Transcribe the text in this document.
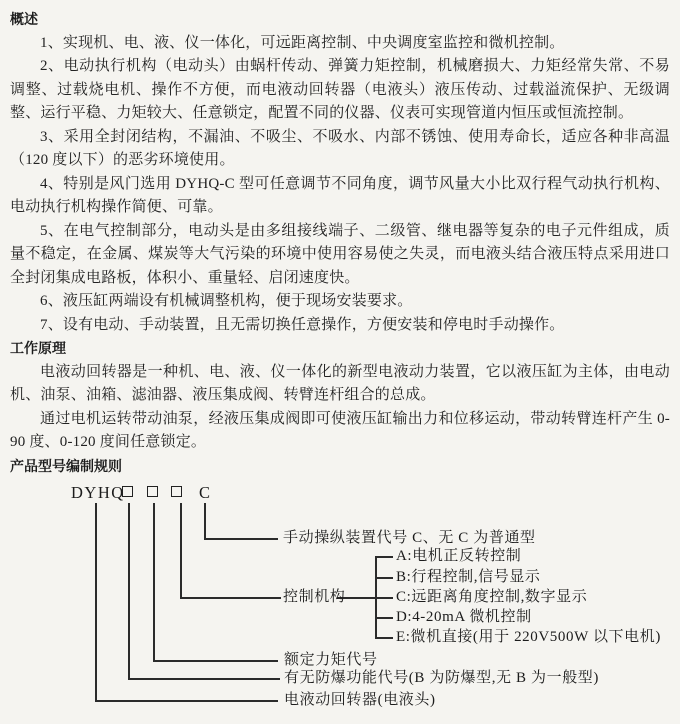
概述

1、实现机、电、液、仪一体化，可远距离控制、中央调度室监控和微机控制。

2、电动执行机构（电动头）由蜗杆传动、弹簧力矩控制，机械磨损大、力矩经常失常、不易调整、过载烧电机、操作不方便，而电液动回转器（电液头）液压传动、过载溢流保护、无级调整、运行平稳、力矩较大、任意锁定，配置不同的仪器、仪表可实现管道内恒压或恒流控制。

3、采用全封闭结构，不漏油、不吸尘、不吸水、内部不锈蚀、使用寿命长，适应各种非高温（120 度以下）的恶劣环境使用。

4、特别是风门选用 DYHQ-C 型可任意调节不同角度，调节风量大小比双行程气动执行机构、电动执行机构操作简便、可靠。

5、在电气控制部分，电动头是由多组接线端子、二级管、继电器等复杂的电子元件组成，质量不稳定，在金属、煤炭等大气污染的环境中使用容易使之失灵，而电液头结合液压特点采用进口全封闭集成电路板，体积小、重量轻、启闭速度快。

6、液压缸两端设有机械调整机构，便于现场安装要求。

7、设有电动、手动装置，且无需切换任意操作，方便安装和停电时手动操作。

工作原理

电液动回转器是一种机、电、液、仪一体化的新型电液动力装置，它以液压缸为主体，由电动机、油泵、油箱、滤油器、液压集成阀、转臂连杆组合的总成。

通过电机运转带动油泵，经液压集成阀即可使液压缸输出力和位移运动，带动转臂连杆产生 0-90 度、0-120 度间任意锁定。

产品型号编制规则
DYHQ	C
手动操纵装置代号 C、无 C 为普通型
控制机构
A:电机正反转控制
B:行程控制,信号显示
C:远距离角度控制,数字显示
D:4-20mA 微机控制
E:微机直接(用于 220V500W 以下电机)
额定力矩代号
有无防爆功能代号(B 为防爆型,无 B 为一般型)
电液动回转器(电液头)
